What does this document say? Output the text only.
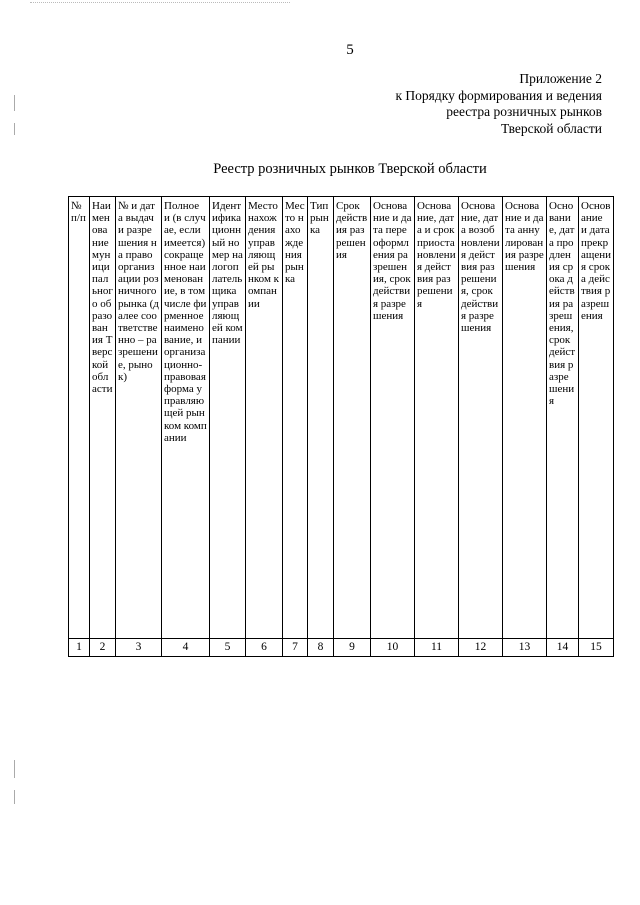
5
Приложение 2
к Порядку формирования и ведения
реестра розничных рынков
Тверской области
Реестр розничных рынков Тверской области
№ п/п	Наименование муниципального образования Тверской области	№ и дата выдачи разрешения на право организации розничного рынка (далее соответственно – разрешение, рынок)	Полное и (в случае, если имеется) сокращенное наименование, в том числе фирменное наименование, и организационно-правовая форма управляющей рынком компании	Идентификационный номер налогоплательщика управляющей компании	Место нахождения управляющей рынком компании	Место нахождения рынка	Тип рынка	Срок действия разрешения	Основание и дата переоформления разрешения, срок действия разрешения	Основание, дата и срок приостановления действия разрешения	Основание, дата возобновления действия разрешения, срок действия разрешения	Основание и дата аннулирования разрешения	Основание, дата продления срока действия разрешения, срок действия разрешения	Основание и дата прекращения срока действия разрешения
1	2	3	4	5	6	7	8	9	10	11	12	13	14	15
